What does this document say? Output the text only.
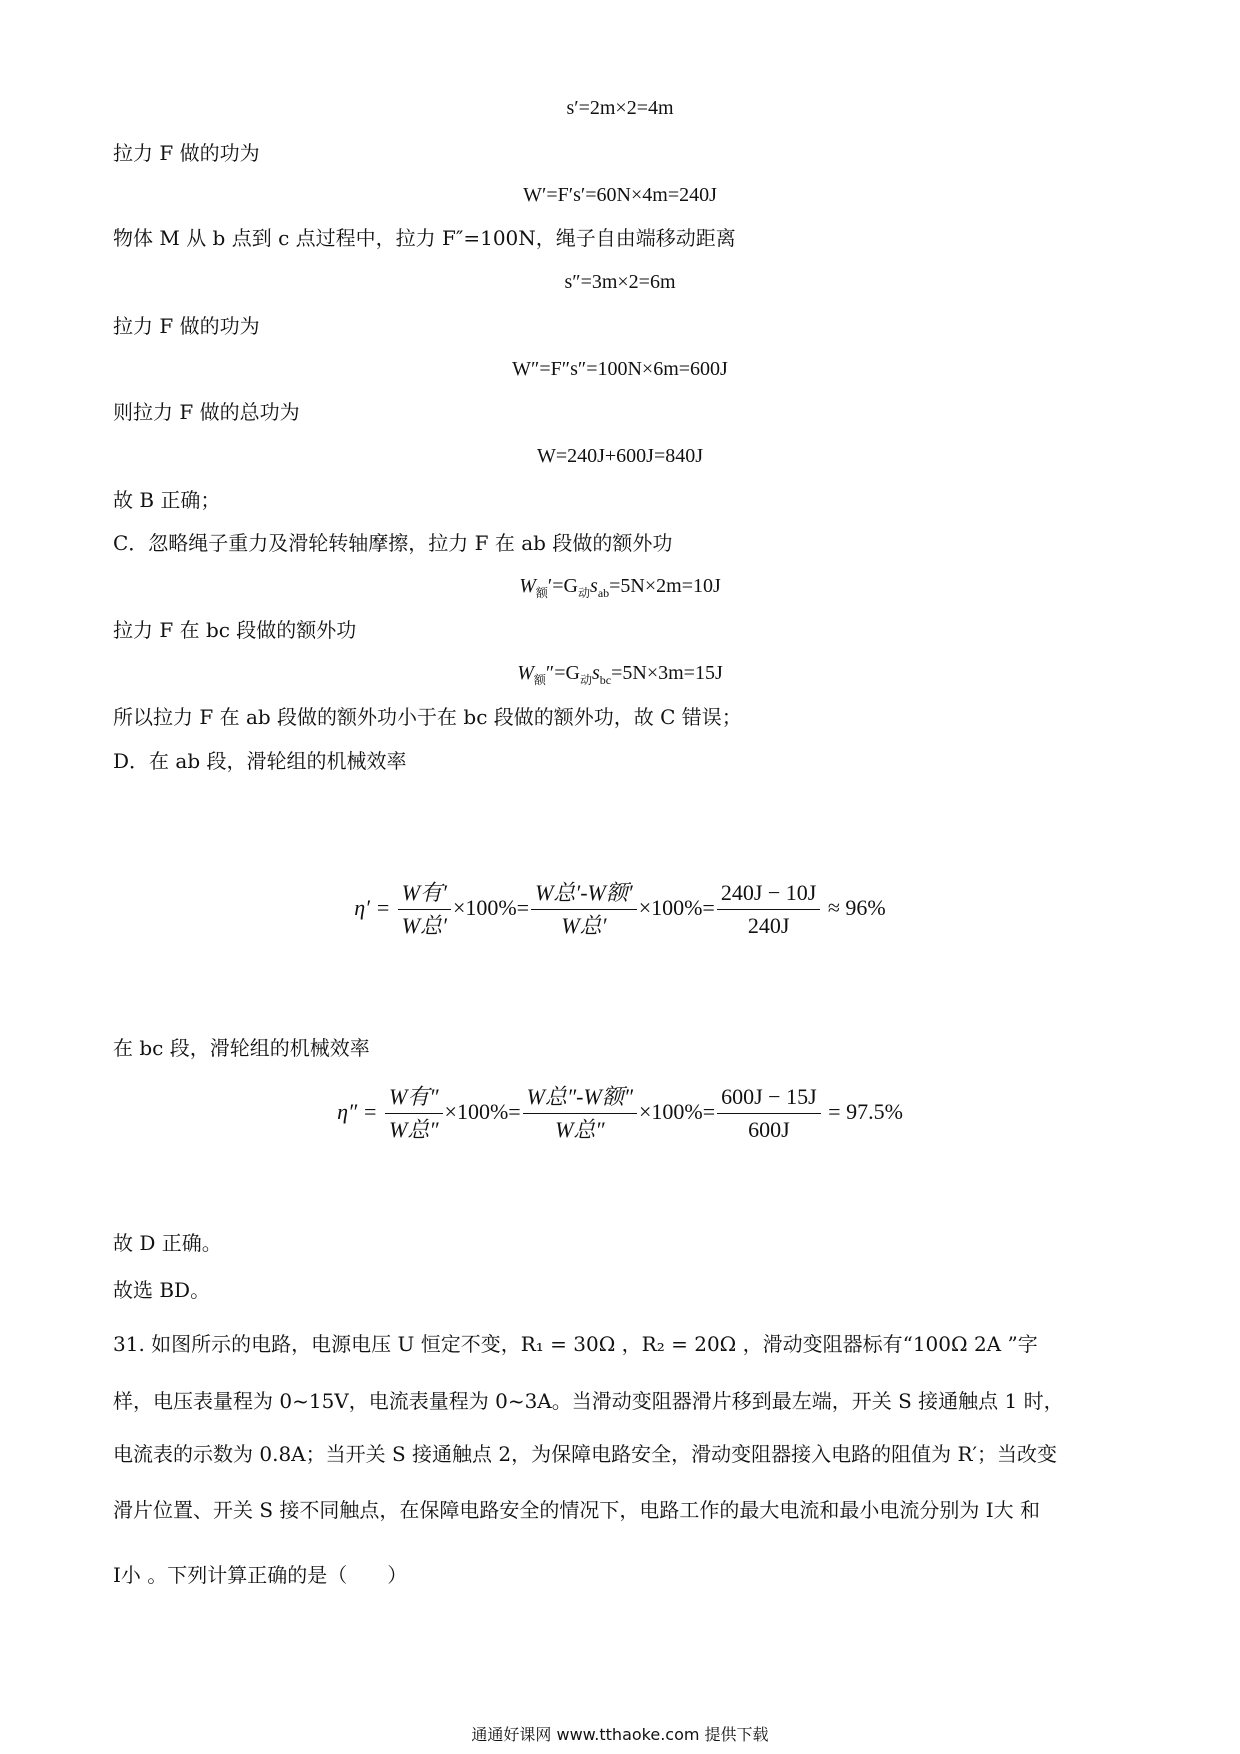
s′=2m×2=4m
拉力 F 做的功为
W′=F′s′=60N×4m=240J
物体 M 从 b 点到 c 点过程中，拉力 F″=100N，绳子自由端移动距离
s″=3m×2=6m
拉力 F 做的功为
W″=F″s″=100N×6m=600J
则拉力 F 做的总功为
W=240J+600J=840J
故 B 正确；
C．忽略绳子重力及滑轮转轴摩擦，拉力 F 在 ab 段做的额外功
$W_额'=G_动s_{ab}=5N\times 2m=10J$
拉力 F 在 bc 段做的额外功
$W_额''=G_动s_{bc}=5N\times 3m=15J$
所以拉力 F 在 ab 段做的额外功小于在 bc 段做的额外功，故 C 错误；
D．在 ab 段，滑轮组的机械效率
$\eta' = \frac{\text{W有′}}{\text{W总′}} \times 100\%= \frac{\text{W总′-W额′}}{\text{W总′}} \times 100\%= \frac{240J - 10J}{240J} \approx 96\%$
在 bc 段，滑轮组的机械效率
$\eta'' = \frac{\text{W有″}}{\text{W总″}} \times 100\%= \frac{\text{W总″-W额″}}{\text{W总″}} \times 100\%= \frac{600J - 15J}{600J} = 97.5\%$
故 D 正确。
故选 BD。
31. 如图所示的电路，电源电压 U 恒定不变，R₁ = 30Ω ，R₂ = 20Ω ，滑动变阻器标有“100Ω 2A ”字
样，电压表量程为 0~15V，电流表量程为 0~3A。当滑动变阻器滑片移到最左端，开关 S 接通触点 1 时，
电流表的示数为 0.8A；当开关 S 接通触点 2，为保障电路安全，滑动变阻器接入电路的阻值为 R′；当改变
滑片位置、开关 S 接不同触点，在保障电路安全的情况下，电路工作的最大电流和最小电流分别为 I大 和
I小 。下列计算正确的是（　　）
通通好课网 www.tthaoke.com 提供下载
